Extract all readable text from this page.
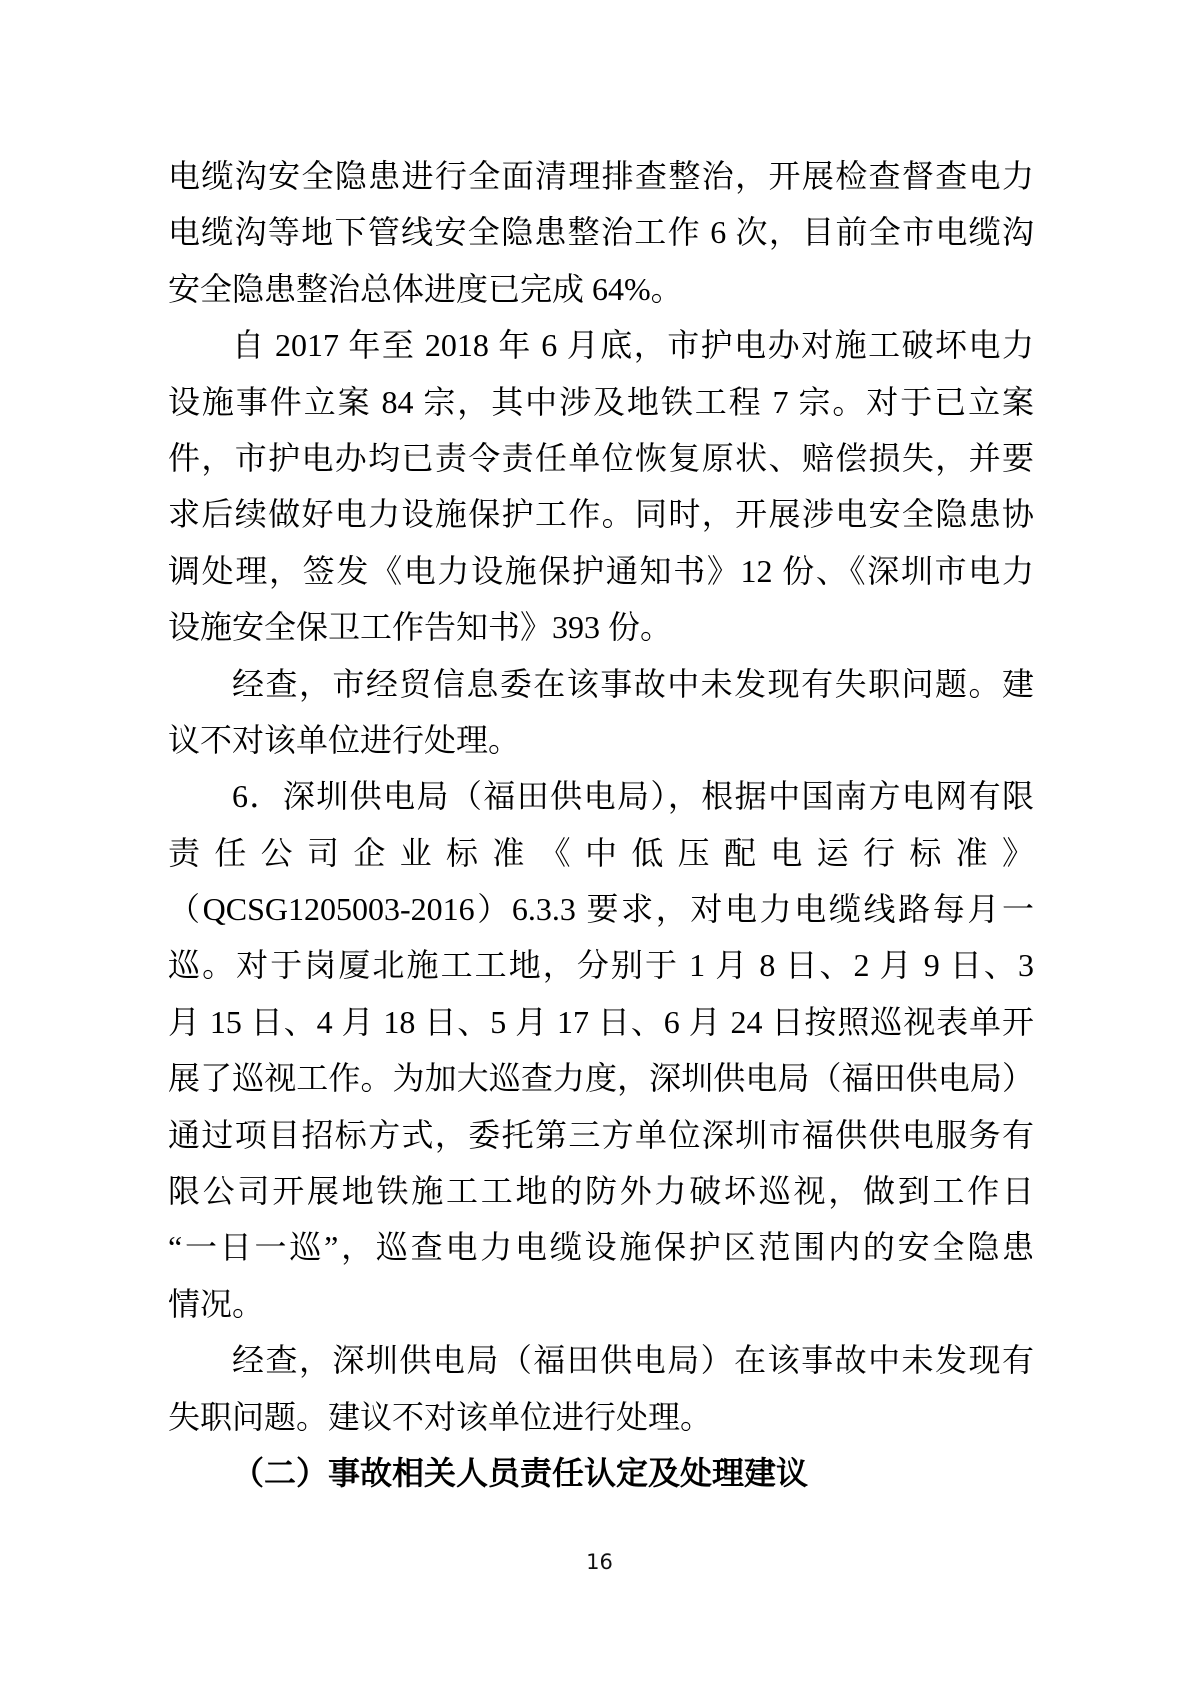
电缆沟安全隐患进行全面清理排查整治，开展检查督查电力
电缆沟等地下管线安全隐患整治工作 6 次，目前全市电缆沟
安全隐患整治总体进度已完成 64%。
自 2017 年至 2018 年 6 月底，市护电办对施工破坏电力
设施事件立案 84 宗，其中涉及地铁工程 7 宗。对于已立案
件，市护电办均已责令责任单位恢复原状、赔偿损失，并要
求后续做好电力设施保护工作。同时，开展涉电安全隐患协
调处理，签发《电力设施保护通知书》12 份、《深圳市电力
设施安全保卫工作告知书》393 份。
经查，市经贸信息委在该事故中未发现有失职问题。建
议不对该单位进行处理。
6．深圳供电局（福田供电局），根据中国南方电网有限
责任公司企业标准《中低压配电运行标准》
（QCSG1205003-2016）6.3.3 要求，对电力电缆线路每月一
巡。对于岗厦北施工工地，分别于 1 月 8 日、2 月 9 日、3
月 15 日、4 月 18 日、5 月 17 日、6 月 24 日按照巡视表单开
展了巡视工作。为加大巡查力度，深圳供电局（福田供电局）
通过项目招标方式，委托第三方单位深圳市福供供电服务有
限公司开展地铁施工工地的防外力破坏巡视，做到工作日
“一日一巡”，巡查电力电缆设施保护区范围内的安全隐患
情况。
经查，深圳供电局（福田供电局）在该事故中未发现有
失职问题。建议不对该单位进行处理。
（二）事故相关人员责任认定及处理建议
16
